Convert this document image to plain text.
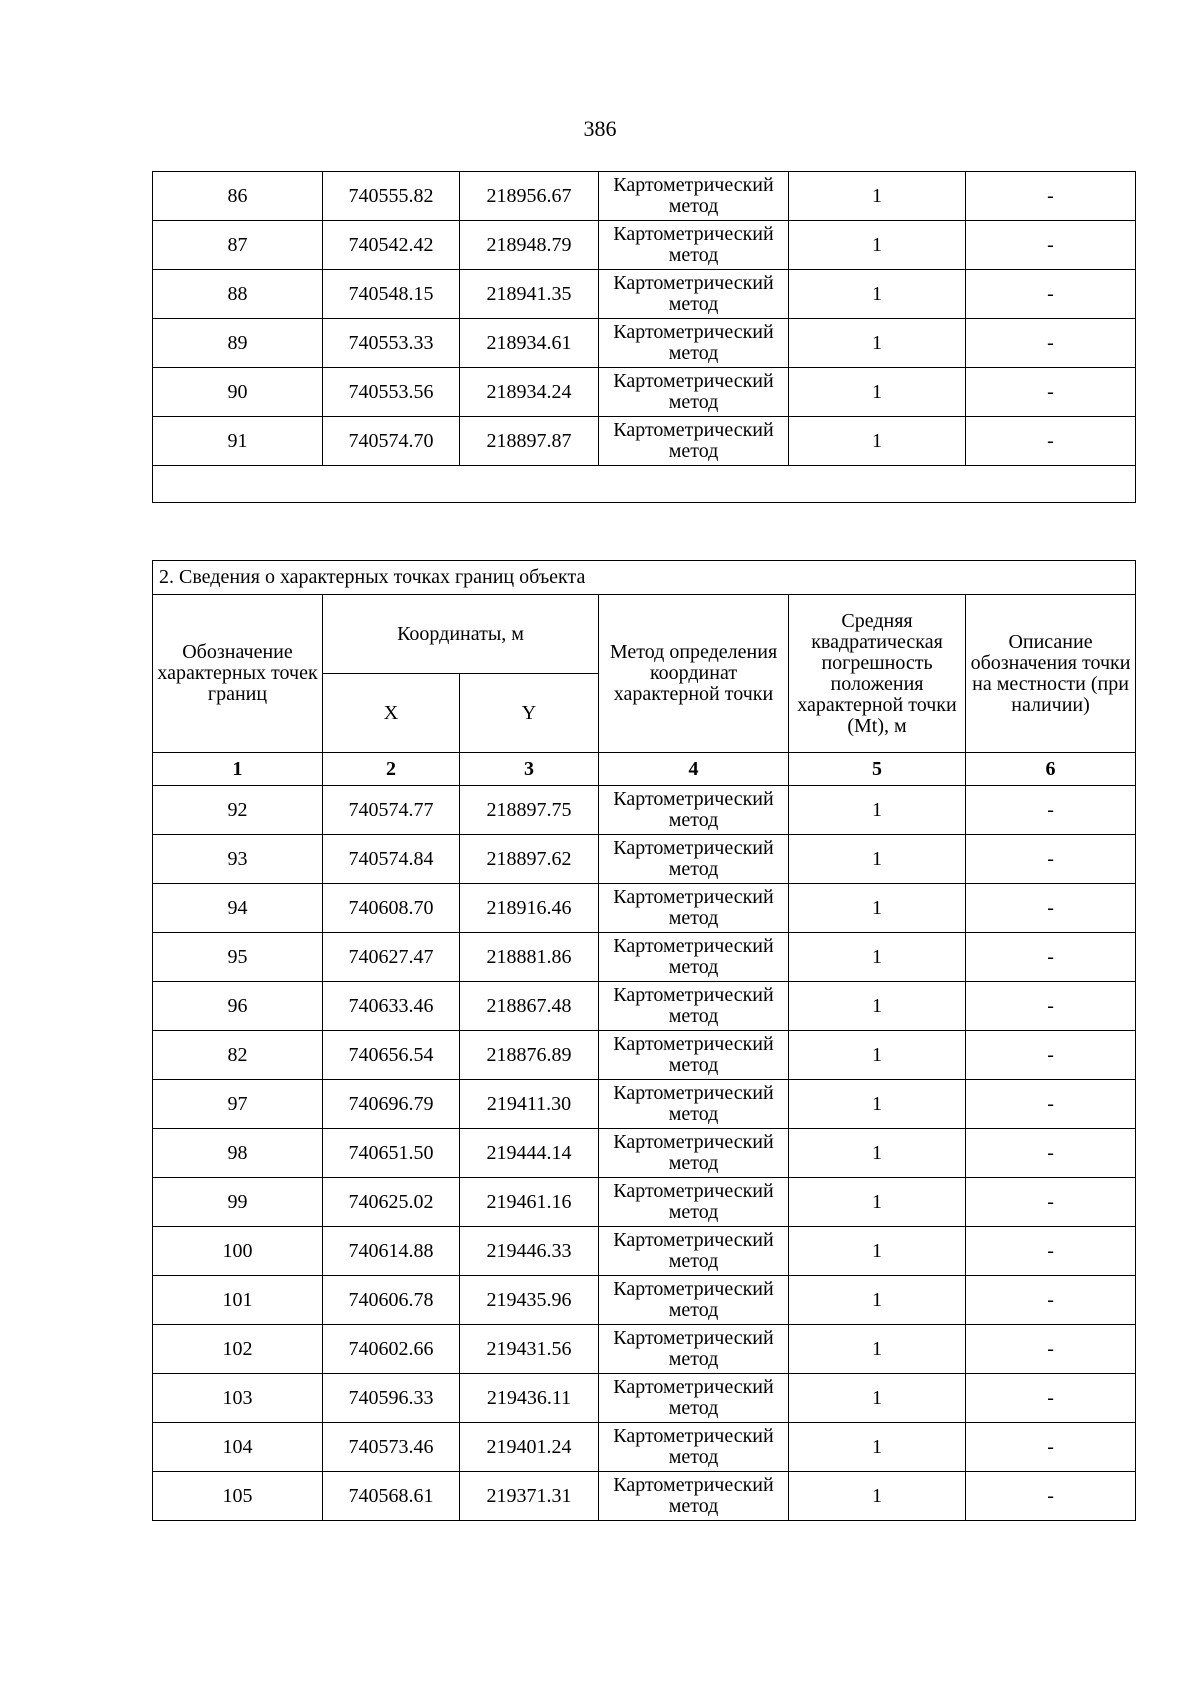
386
86	740555.82	218956.67	Картометрический метод	1	-
87	740542.42	218948.79	Картометрический метод	1	-
88	740548.15	218941.35	Картометрический метод	1	-
89	740553.33	218934.61	Картометрический метод	1	-
90	740553.56	218934.24	Картометрический метод	1	-
91	740574.70	218897.87	Картометрический метод	1	-

2. Сведения о характерных точках границ объекта					
Обозначение характерных точек границ	Координаты, м		Метод определения координат характерной точки	Средняя квадратическая погрешность положения характерной точки (Mt), м	Описание обозначения точки на местности (при наличии)
	X	Y			
1	2	3	4	5	6
92	740574.77	218897.75	Картометрический метод	1	-
93	740574.84	218897.62	Картометрический метод	1	-
94	740608.70	218916.46	Картометрический метод	1	-
95	740627.47	218881.86	Картометрический метод	1	-
96	740633.46	218867.48	Картометрический метод	1	-
82	740656.54	218876.89	Картометрический метод	1	-
97	740696.79	219411.30	Картометрический метод	1	-
98	740651.50	219444.14	Картометрический метод	1	-
99	740625.02	219461.16	Картометрический метод	1	-
100	740614.88	219446.33	Картометрический метод	1	-
101	740606.78	219435.96	Картометрический метод	1	-
102	740602.66	219431.56	Картометрический метод	1	-
103	740596.33	219436.11	Картометрический метод	1	-
104	740573.46	219401.24	Картометрический метод	1	-
105	740568.61	219371.31	Картометрический метод	1	-
